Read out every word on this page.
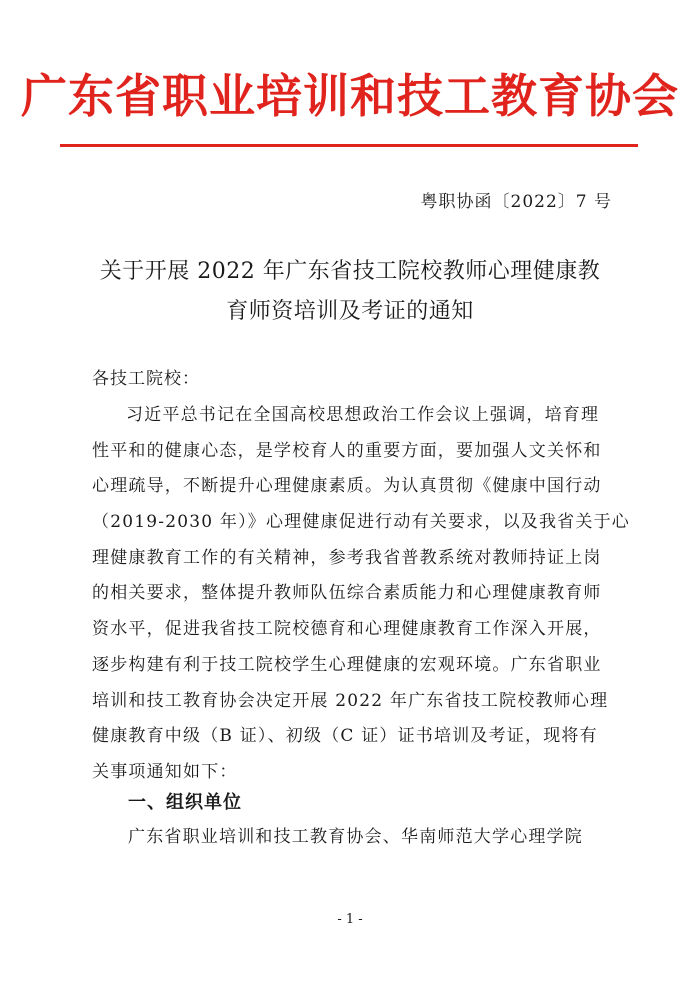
广东省职业培训和技工教育协会
粤职协函〔2022〕7 号
关于开展 2022 年广东省技工院校教师心理健康教
育师资培训及考证的通知
各技工院校：
习近平总书记在全国高校思想政治工作会议上强调，培育理
性平和的健康心态，是学校育人的重要方面，要加强人文关怀和
心理疏导，不断提升心理健康素质。为认真贯彻《健康中国行动
（2019-2030 年）》心理健康促进行动有关要求，以及我省关于心
理健康教育工作的有关精神，参考我省普教系统对教师持证上岗
的相关要求，整体提升教师队伍综合素质能力和心理健康教育师
资水平，促进我省技工院校德育和心理健康教育工作深入开展，
逐步构建有利于技工院校学生心理健康的宏观环境。广东省职业
培训和技工教育协会决定开展 2022 年广东省技工院校教师心理
健康教育中级（B 证）、初级（C 证）证书培训及考证，现将有
关事项通知如下：
一、组织单位
广东省职业培训和技工教育协会、华南师范大学心理学院
- 1 -
